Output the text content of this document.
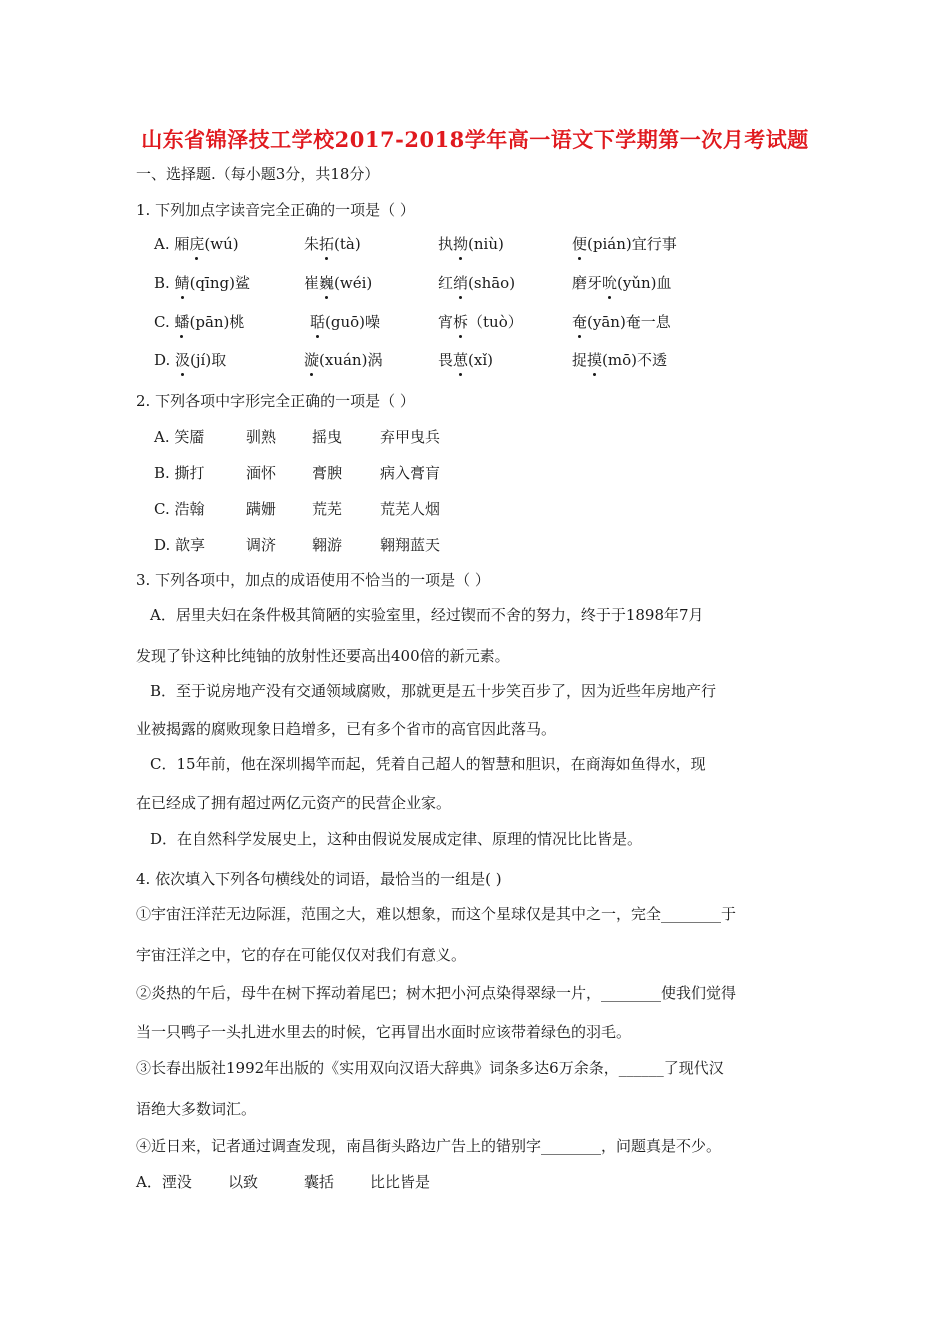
山东省锦泽技工学校2017-2018学年高一语文下学期第一次月考试题
一、选择题.（每小题3分，共18分）
1. 下列加点字读音完全正确的一项是（ ）
A. 厢庑(wú)	朱拓(tà)	执拗(niù)	便(pián)宜行事
B. 鲭(qīng)鲨	崔巍(wéi)	红绡(shāo)	磨牙吮(yǔn)血
C. 蟠(pān)桃	聒(guō)噪	宵柝（tuò）	奄(yān)奄一息
D. 汲(jí)取	漩(xuán)涡	畏葸(xǐ)	捉摸(mō)不透
2. 下列各项中字形完全正确的一项是（ ）
A. 笑靥	驯熟 摇曳	弃甲曳兵
B. 撕打	湎怀 膏腴	病入膏肓
C. 浩翰	蹒姗 荒芜	荒芜人烟
D. 歆享	调济 翱游	翱翔蓝天
3. 下列各项中，加点的成语使用不恰当的一项是（ ）
A．居里夫妇在条件极其简陋的实验室里，经过锲而不舍的努力，终于于1898年7月
发现了钋这种比纯铀的放射性还要高出400倍的新元素。
B．至于说房地产没有交通领域腐败，那就更是五十步笑百步了，因为近些年房地产行
业被揭露的腐败现象日趋增多，已有多个省市的高官因此落马。
C．15年前，他在深圳揭竿而起，凭着自己超人的智慧和胆识，在商海如鱼得水，现
在已经成了拥有超过两亿元资产的民营企业家。
D．在自然科学发展史上，这种由假说发展成定律、原理的情况比比皆是。
4. 依次填入下列各句横线处的词语，最恰当的一组是( )
①宇宙汪洋茫无边际涯，范围之大，难以想象，而这个星球仅是其中之一，完全________于
宇宙汪洋之中，它的存在可能仅仅对我们有意义。
②炎热的午后，母牛在树下挥动着尾巴；树木把小河点染得翠绿一片，________使我们觉得
当一只鸭子一头扎进水里去的时候，它再冒出水面时应该带着绿色的羽毛。
③长春出版社1992年出版的《实用双向汉语大辞典》词条多达6万余条，______了现代汉
语绝大多数词汇。
④近日来，记者通过调查发现，南昌街头路边广告上的错别字________，问题真是不少。
A．湮没 以致	囊括 比比皆是
